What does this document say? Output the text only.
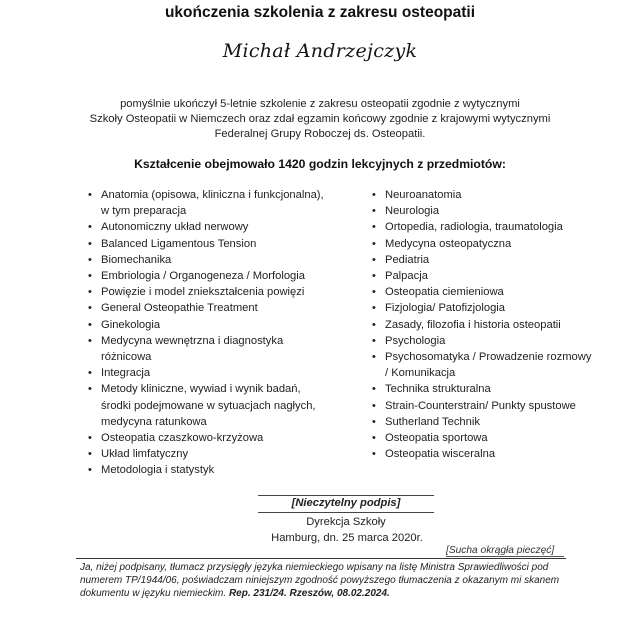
ukończenia szkolenia z zakresu osteopatii
Michał Andrzejczyk
pomyślnie ukończył 5-letnie szkolenie z zakresu osteopatii zgodnie z wytycznymi
Szkoły Osteopatii w Niemczech oraz zdał egzamin końcowy zgodnie z krajowymi wytycznymi
Federalnej Grupy Roboczej ds. Osteopatii.
Kształcenie obejmowało 1420 godzin lekcyjnych z przedmiotów:
• Anatomia (opisowa, kliniczna i funkcjonalna),
w tym preparacja
• Autonomiczny układ nerwowy
• Balanced Ligamentous Tension
• Biomechanika
• Embriologia / Organogeneza / Morfologia
• Powięzie i model zniekształcenia powięzi
• General Osteopathie Treatment
• Ginekologia
• Medycyna wewnętrzna i diagnostyka
różnicowa
• Integracja
• Metody kliniczne, wywiad i wynik badań,
środki podejmowane w sytuacjach nagłych,
medycyna ratunkowa
• Osteopatia czaszkowo-krzyżowa
• Układ limfatyczny
• Metodologia i statystyk
• Neuroanatomia
• Neurologia
• Ortopedia, radiologia, traumatologia
• Medycyna osteopatyczna
• Pediatria
• Palpacja
• Osteopatia ciemieniowa
• Fizjologia/ Patofizjologia
• Zasady, filozofia i historia osteopatii
• Psychologia
• Psychosomatyka / Prowadzenie rozmowy
/ Komunikacja
• Technika strukturalna
• Strain-Counterstrain/ Punkty spustowe
• Sutherland Technik
• Osteopatia sportowa
• Osteopatia wisceralna
[Nieczytelny podpis]
Dyrekcja Szkoły
Hamburg, dn. 25 marca 2020r.
[Sucha okrągła pieczęć]
Ja, niżej podpisany, tłumacz przysięgły języka niemieckiego wpisany na listę Ministra Sprawiedliwości pod numerem TP/1944/06, poświadczam niniejszym zgodność powyższego tłumaczenia z okazanym mi skanem dokumentu w języku niemieckim. Rep. 231/24. Rzeszów, 08.02.2024.
